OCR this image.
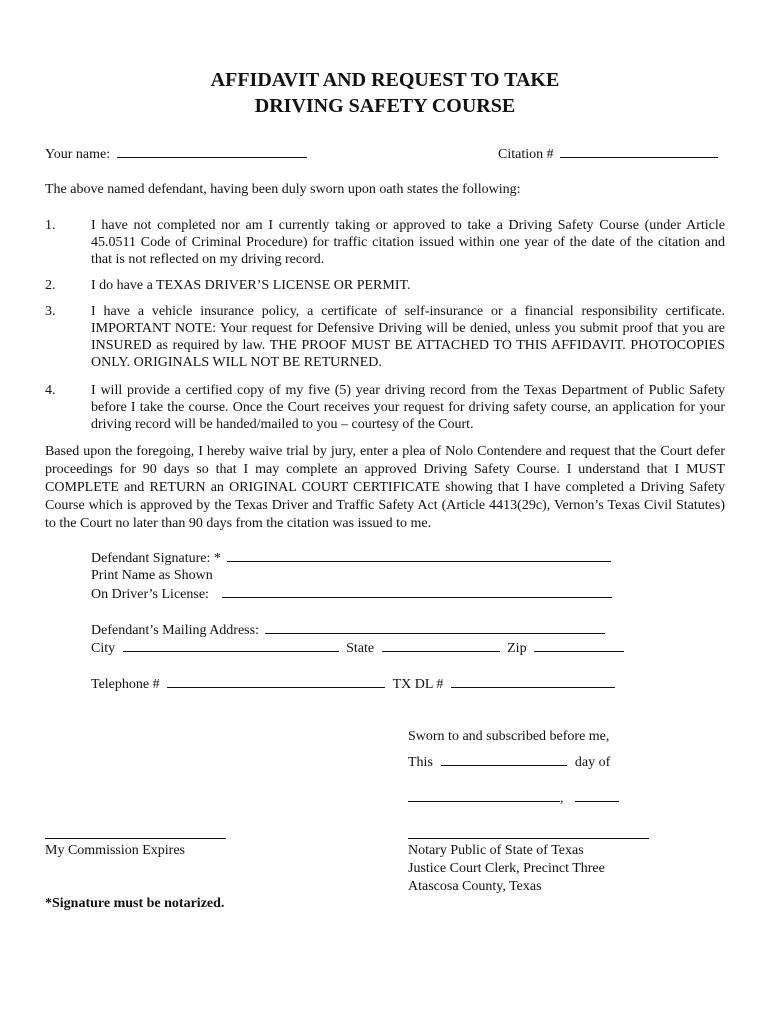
AFFIDAVIT AND REQUEST TO TAKE
DRIVING SAFETY COURSE
Your name:	Citation #
The above named defendant, having been duly sworn upon oath states the following:
1.	I have not completed nor am I currently taking or approved to take a Driving Safety Course (under Article 45.0511 Code of Criminal Procedure) for traffic citation issued within one year of the date of the citation and that is not reflected on my driving record.
2.	I do have a TEXAS DRIVER’S LICENSE OR PERMIT.
3.	I have a vehicle insurance policy, a certificate of self-insurance or a financial responsibility certificate. IMPORTANT NOTE: Your request for Defensive Driving will be denied, unless you submit proof that you are INSURED as required by law. THE PROOF MUST BE ATTACHED TO THIS AFFIDAVIT. PHOTOCOPIES ONLY. ORIGINALS WILL NOT BE RETURNED.
4.	I will provide a certified copy of my five (5) year driving record from the Texas Department of Public Safety before I take the course. Once the Court receives your request for driving safety course, an application for your driving record will be handed/mailed to you – courtesy of the Court.
Based upon the foregoing, I hereby waive trial by jury, enter a plea of Nolo Contendere and request that the Court defer proceedings for 90 days so that I may complete an approved Driving Safety Course. I understand that I MUST COMPLETE and RETURN an ORIGINAL COURT CERTIFICATE showing that I have completed a Driving Safety Course which is approved by the Texas Driver and Traffic Safety Act (Article 4413(29c), Vernon’s Texas Civil Statutes) to the Court no later than 90 days from the citation was issued to me.
Defendant Signature: *
Print Name as Shown
On Driver’s License:
Defendant’s Mailing Address:
City	State	Zip
Telephone #	TX DL #
Sworn to and subscribed before me,
This	day of
,
My Commission Expires	Notary Public of State of Texas
Justice Court Clerk, Precinct Three
Atascosa County, Texas
*Signature must be notarized.
